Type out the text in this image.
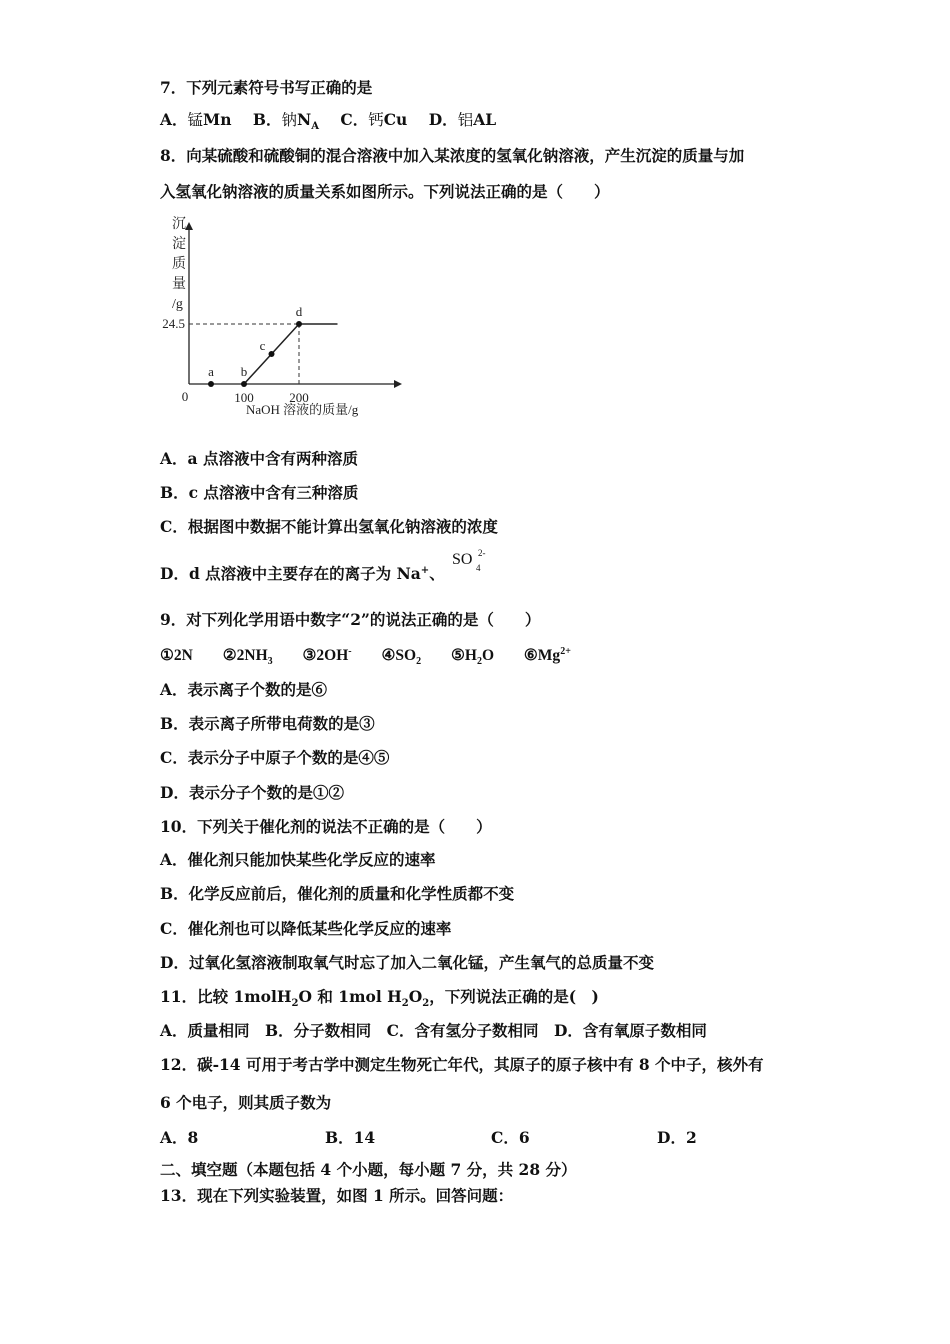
7．下列元素符号书写正确的是
A．锰Mn B．钠$N_A$ C．钙Cu D．铝AL
8．向某硫酸和硫酸铜的混合溶液中加入某浓度的氢氧化钠溶液，产生沉淀的质量与加
入氢氧化钠溶液的质量关系如图所示。下列说法正确的是（　　）
沉淀质量/g
0	100	200
24.5
NaOH 溶液的质量/g
a b
c
d
A．a 点溶液中含有两种溶质
B．c 点溶液中含有三种溶质
C．根据图中数据不能计算出氢氧化钠溶液的浓度
D．d 点溶液中主要存在的离子为 Na+、
SO 2-
4
9．对下列化学用语中数字“2”的说法正确的是（　　）
①2N $②2NH_3$ ③2OH- $④SO_2$ $⑤H_2O$ $⑥Mg^{2+}$
A．表示离子个数的是⑥
B．表示离子所带电荷数的是③
C．表示分子中原子个数的是④⑤
D．表示分子个数的是①②
10．下列关于催化剂的说法不正确的是（　　）
A．催化剂只能加快某些化学反应的速率
B．化学反应前后，催化剂的质量和化学性质都不变
C．催化剂也可以降低某些化学反应的速率
D．过氧化氢溶液制取氧气时忘了加入二氧化锰，产生氧气的总质量不变
11．比较 1molH$_2$O 和 1mol $H_2O_2$，下列说法正确的是(　)
A．质量相同　B．分子数相同　C．含有氢分子数相同　D．含有氧原子数相同
12．碳-14 可用于考古学中测定生物死亡年代，其原子的原子核中有 8 个中子，核外有
6 个电子，则其质子数为
A．8	B．14	C．6	D．2
二、填空题（本题包括 4 个小题，每小题 7 分，共 28 分）
13．现在下列实验装置，如图 1 所示。回答问题：
